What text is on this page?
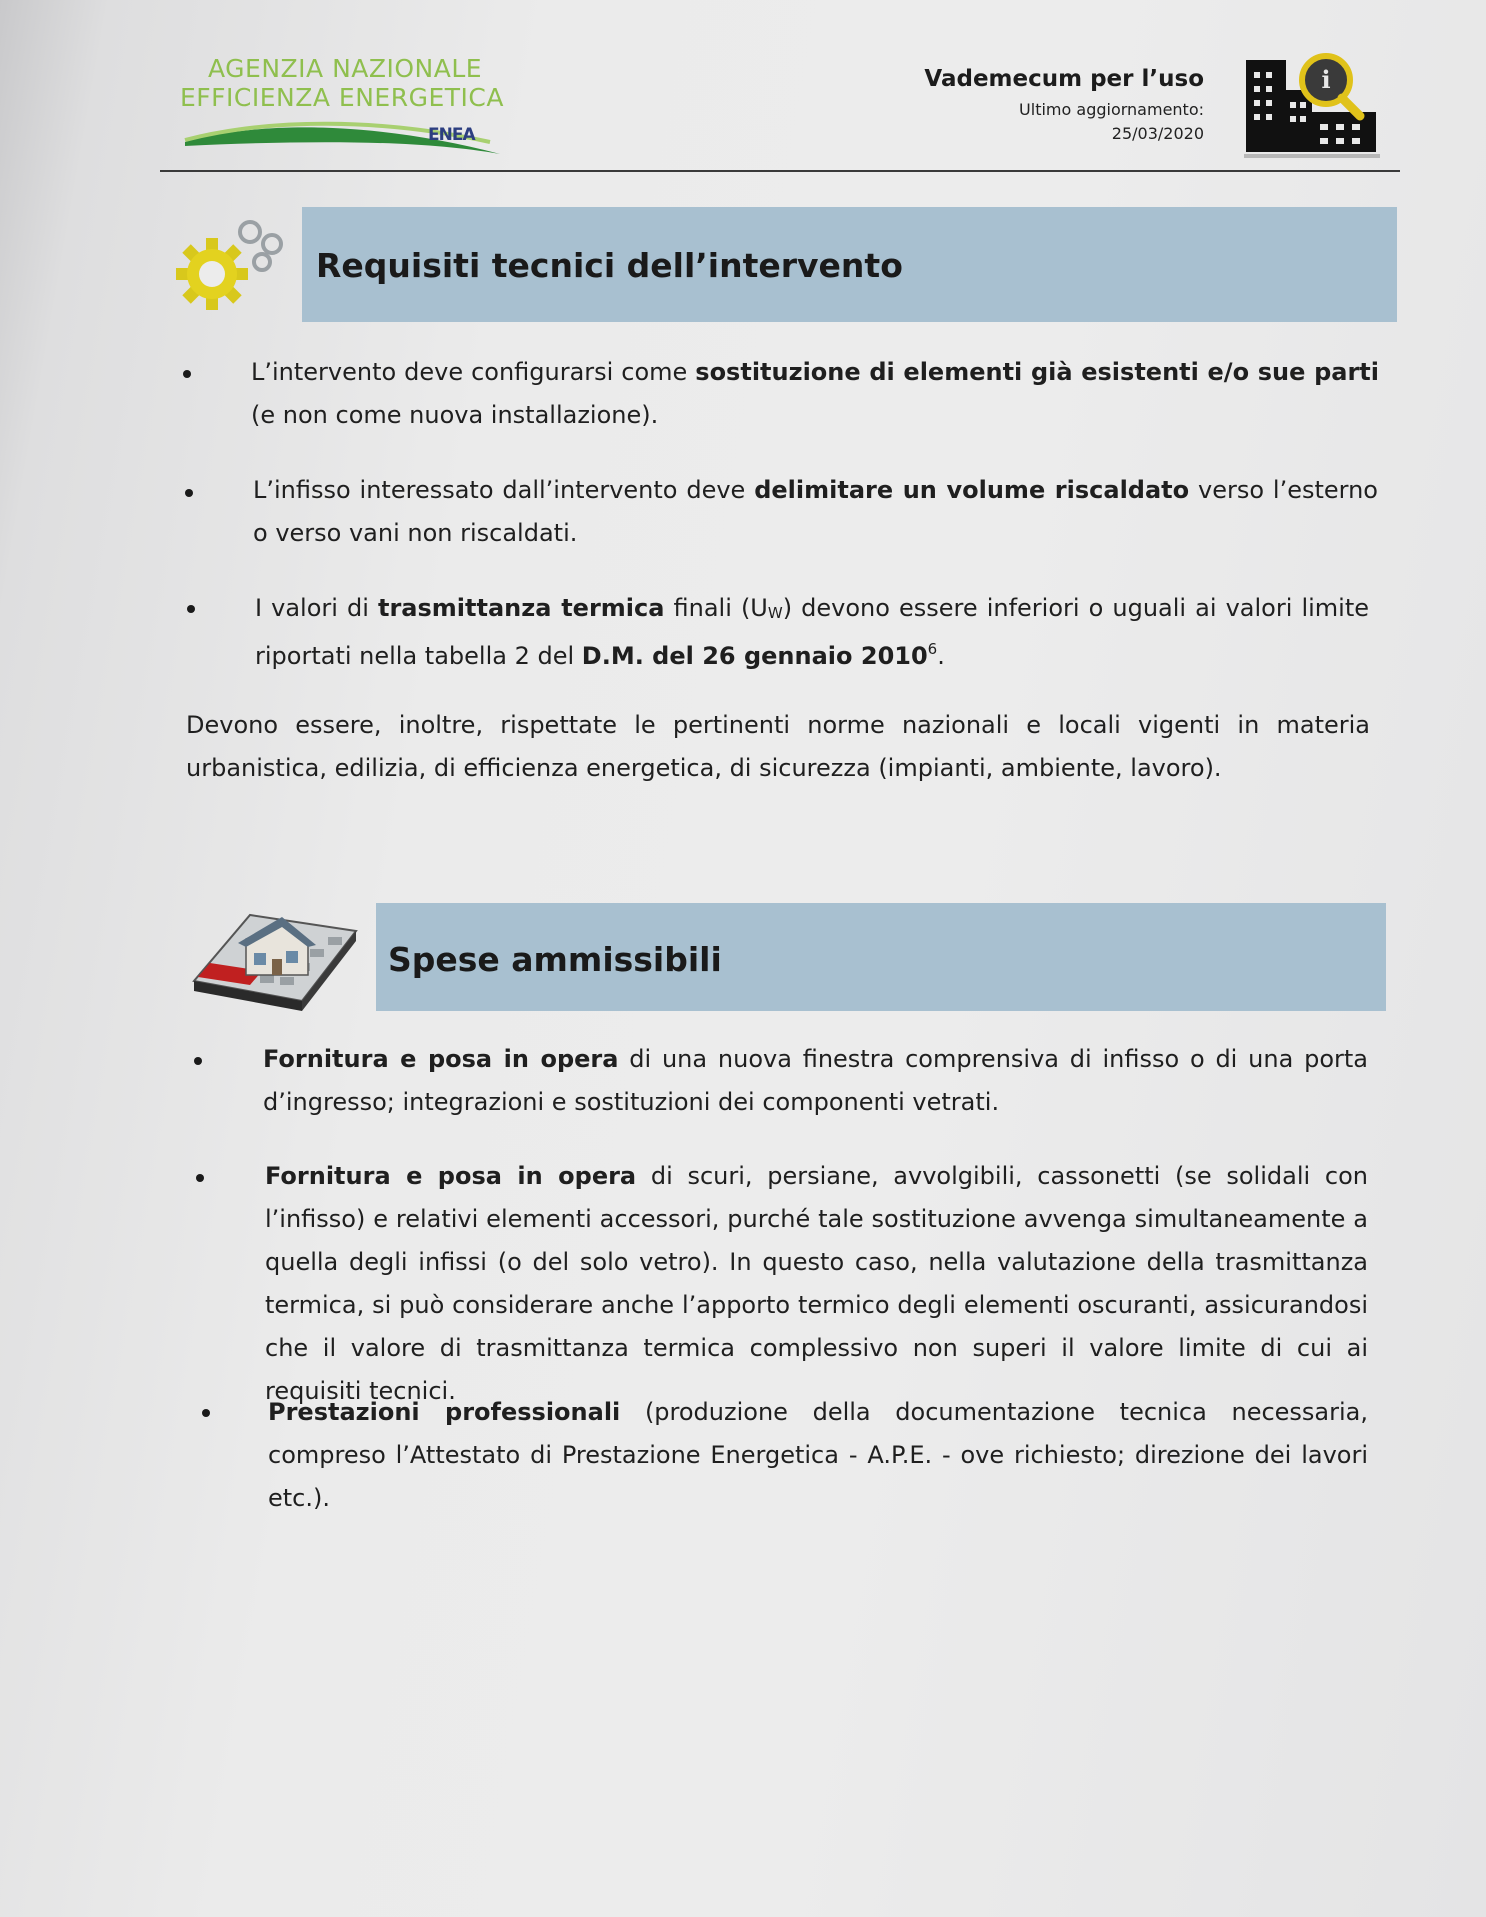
AGENZIA NAZIONALE
EFFICIENZA ENERGETICA
ENEA
Vademecum per l’uso
Ultimo aggiornamento:
25/03/2020
i
Requisiti tecnici dell’intervento
L’intervento deve configurarsi come sostituzione di elementi già esistenti e/o sue parti (e non come nuova installazione).
L’infisso interessato dall’intervento deve delimitare un volume riscaldato verso l’esterno o verso vani non riscaldati.
I valori di trasmittanza termica finali $(U_W)$ devono essere inferiori o uguali ai valori limite riportati nella tabella 2 del D.M. del 26 gennaio 2010$^6$.
Devono essere, inoltre, rispettate le pertinenti norme nazionali e locali vigenti in materia urbanistica, edilizia, di efficienza energetica, di sicurezza (impianti, ambiente, lavoro).
Spese ammissibili
Fornitura e posa in opera di una nuova finestra comprensiva di infisso o di una porta d’ingresso; integrazioni e sostituzioni dei componenti vetrati.
Fornitura e posa in opera di scuri, persiane, avvolgibili, cassonetti (se solidali con l’infisso) e relativi elementi accessori, purché tale sostituzione avvenga simultaneamente a quella degli infissi (o del solo vetro). In questo caso, nella valutazione della trasmittanza termica, si può considerare anche l’apporto termico degli elementi oscuranti, assicurandosi che il valore di trasmittanza termica complessivo non superi il valore limite di cui ai requisiti tecnici.
Prestazioni professionali (produzione della documentazione tecnica necessaria, compreso l’Attestato di Prestazione Energetica - A.P.E. - ove richiesto; direzione dei lavori etc.).
